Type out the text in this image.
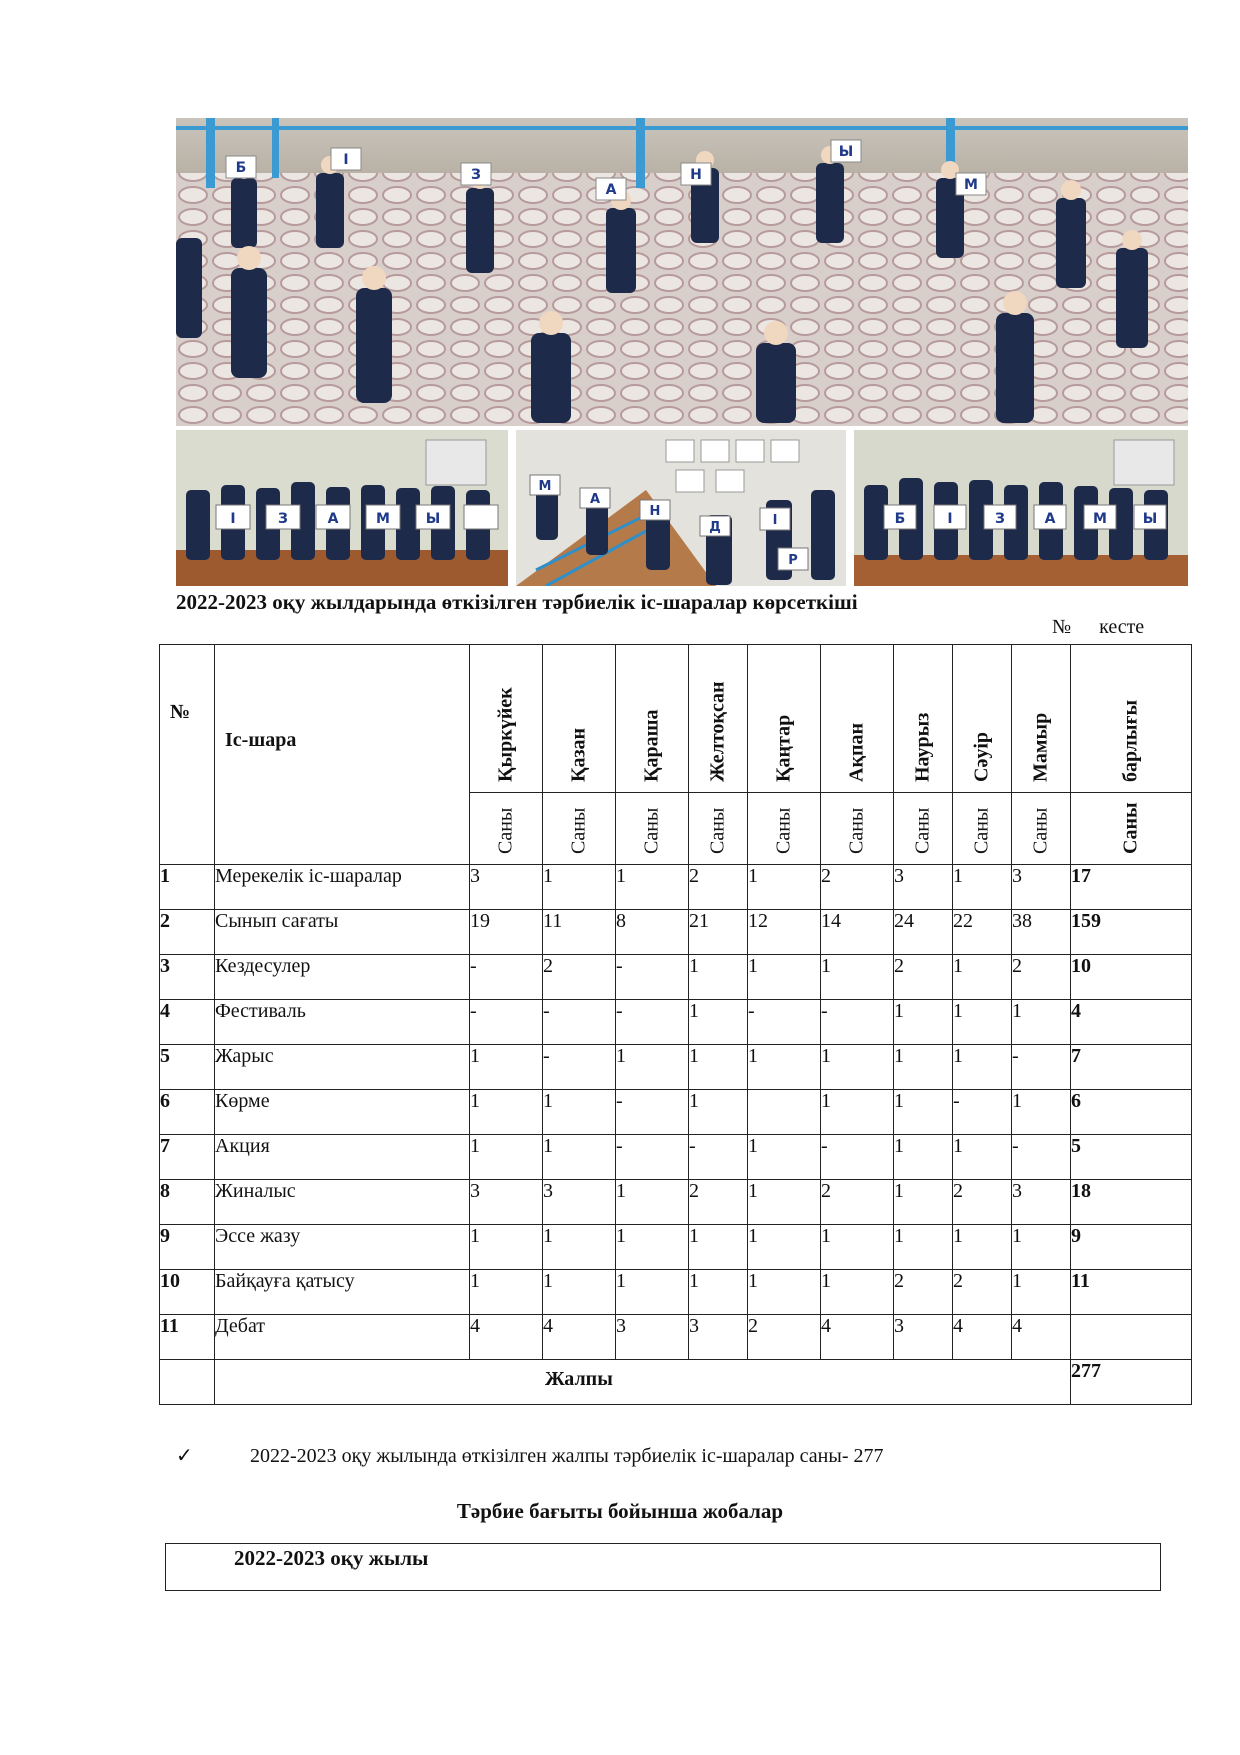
Б	І
З
А
Н
Ы
М
І	З	А	М	Ы
М
А
Н
Д	І
Р
Б	І	З	А	М	Ы
2022-2023 оқу жылдарында өткізілген тәрбиелік іс-шаралар көрсеткіші
№ кесте
№	Іс-шара	Қыркүйек	Қазан	Қараша	Желтоқсан	Қаңтар	Ақпан	Наурыз	Сәуір	Мамыр	барлығы

		Саны	Саны	Саны	Саны	Саны	Саны	Саны	Саны	Саны	Саны

1	Мерекелік іс-шаралар	3	1	1	2	1	2	3	1	3	17
2	Сынып сағаты	19	11	8	21	12	14	24	22	38	159
3	Кездесулер	-	2	-	1	1	1	2	1	2	10
4	Фестиваль	-	-	-	1	-	-	1	1	1	4
5	Жарыс	1	-	1	1	1	1	1	1	-	7
6	Көрме	1	1	-	1		1	1	-	1	6
7	Акция	1	1	-	-	1	-	1	1	-	5
8	Жиналыс	3	3	1	2	1	2	1	2	3	18
9	Эссе жазу	1	1	1	1	1	1	1	1	1	9
10	Байқауға қатысу	1	1	1	1	1	1	2	2	1	11
11	Дебат	4	4	3	3	2	4	3	4	4	
	Жалпы										277
✓	2022-2023 оқу жылында өткізілген жалпы тәрбиелік іс-шаралар саны- 277
Тәрбие бағыты бойынша жобалар
2022-2023 оқу жылы
